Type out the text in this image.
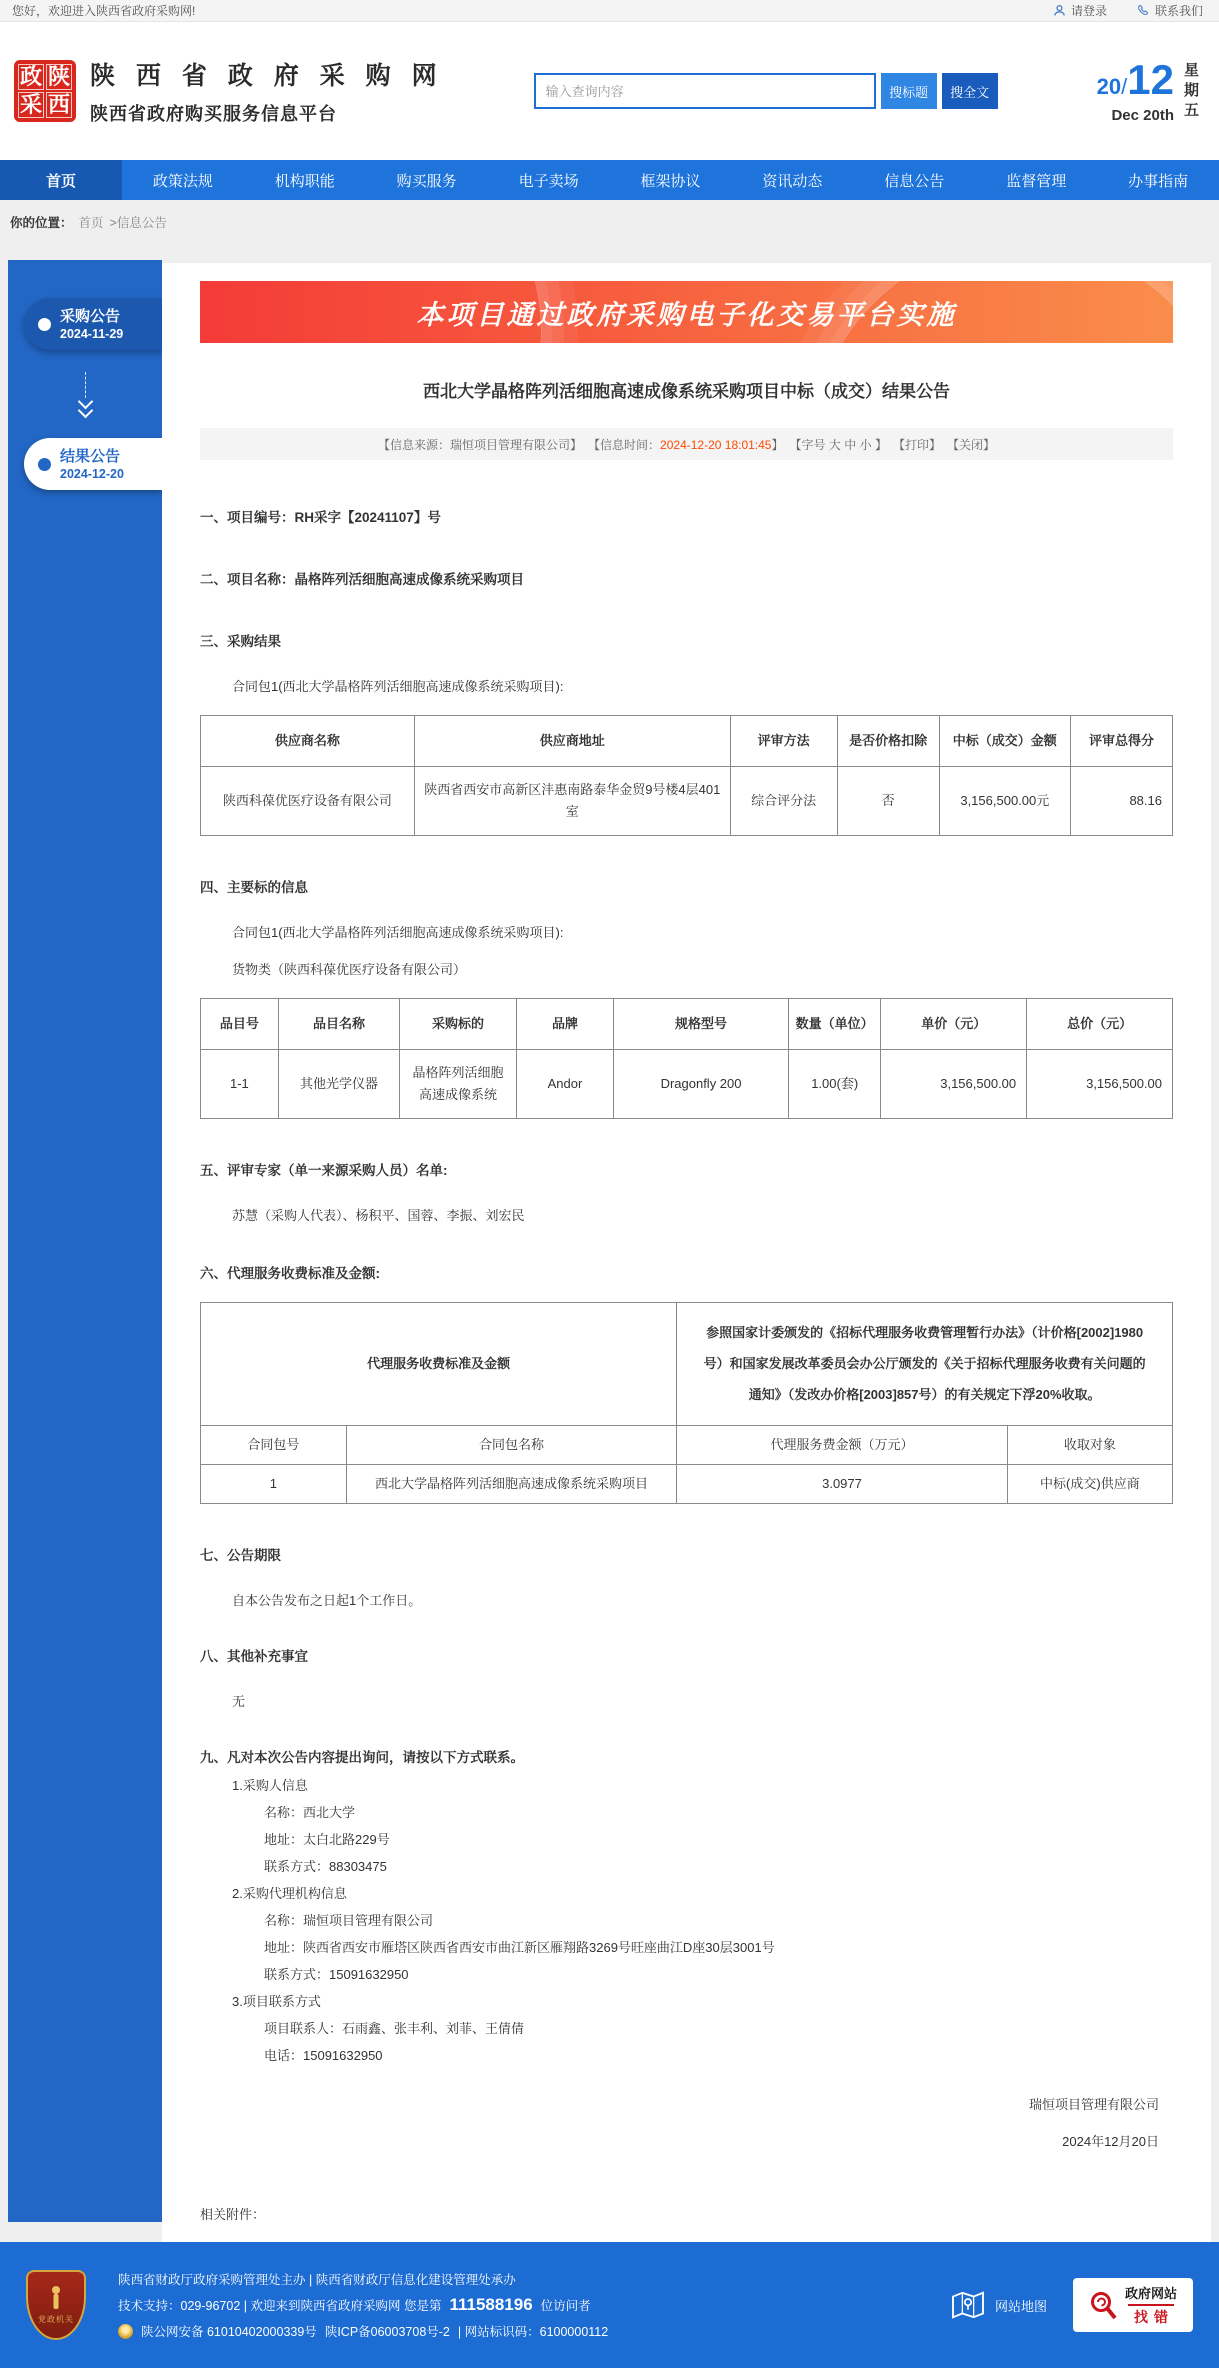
您好，欢迎进入陕西省政府采购网!	请登录	联系我们
政 陕
采 西
陕 西 省 政 府 采 购 网
陕西省政府购买服务信息平台
输入查询内容
搜标题	搜全文	20/12
Dec 20th
星
期
五
首页	政策法规	机构职能	购买服务	电子卖场	框架协议	资讯动态	信息公告	监督管理	办事指南
你的位置： 首页 >信息公告
采购公告
2024-11-29
结果公告
2024-12-20
本项目通过政府采购电子化交易平台实施
西北大学晶格阵列活细胞高速成像系统采购项目中标（成交）结果公告
【信息来源：瑞恒项目管理有限公司】 【信息时间：2024-12-20 18:01:45】 【字号 大 中 小 】 【打印】 【关闭】
一、项目编号：RH采字【20241107】号
二、项目名称：晶格阵列活细胞高速成像系统采购项目
三、采购结果

合同包1(西北大学晶格阵列活细胞高速成像系统采购项目):

供应商名称	供应商地址	评审方法	是否价格扣除	中标（成交）金额	评审总得分
陕西科葆优医疗设备有限公司	陕西省西安市高新区沣惠南路泰华金贸9号楼4层401室	综合评分法	否	3,156,500.00元	88.16
四、主要标的信息

合同包1(西北大学晶格阵列活细胞高速成像系统采购项目):

货物类（陕西科葆优医疗设备有限公司）

品目号	品目名称	采购标的	品牌	规格型号	数量（单位）	单价（元）	总价（元）
1-1	其他光学仪器	晶格阵列活细胞高速成像系统	Andor	Dragonfly 200	1.00(套)	3,156,500.00	3,156,500.00
五、评审专家（单一来源采购人员）名单:

苏慧（采购人代表）、杨积平、国蓉、李振、刘宏民

六、代理服务收费标准及金额:
代理服务收费标准及金额		参照国家计委颁发的《招标代理服务收费管理暂行办法》（计价格[2002]1980号）和国家发展改革委员会办公厅颁发的《关于招标代理服务收费有关问题的通知》（发改办价格[2003]857号）的有关规定下浮20%收取。	
合同包号	合同包名称	代理服务费金额（万元）	收取对象
1	西北大学晶格阵列活细胞高速成像系统采购项目	3.0977	中标(成交)供应商
七、公告期限

自本公告发布之日起1个工作日。

八、其他补充事宜

无

九、凡对本次公告内容提出询问，请按以下方式联系。
1.采购人信息
名称：西北大学
地址：太白北路229号
联系方式：88303475
2.采购代理机构信息
名称：瑞恒项目管理有限公司
地址：陕西省西安市雁塔区陕西省西安市曲江新区雁翔路3269号旺座曲江D座30层3001号
联系方式：15091632950
3.项目联系方式
项目联系人：石雨鑫、张丰利、刘菲、王倩倩
电话：15091632950
瑞恒项目管理有限公司
2024年12月20日
相关附件：
党政机关
陕西省财政厅政府采购管理处主办 | 陕西省财政厅信息化建设管理处承办
技术支持：029-96702 | 欢迎来到陕西省政府采购网 您是第 111588196 位访问者
陕公网安备 61010402000339号 陕ICP备06003708号-2 | 网站标识码：6100000112
网站地图
政府网站
找错
